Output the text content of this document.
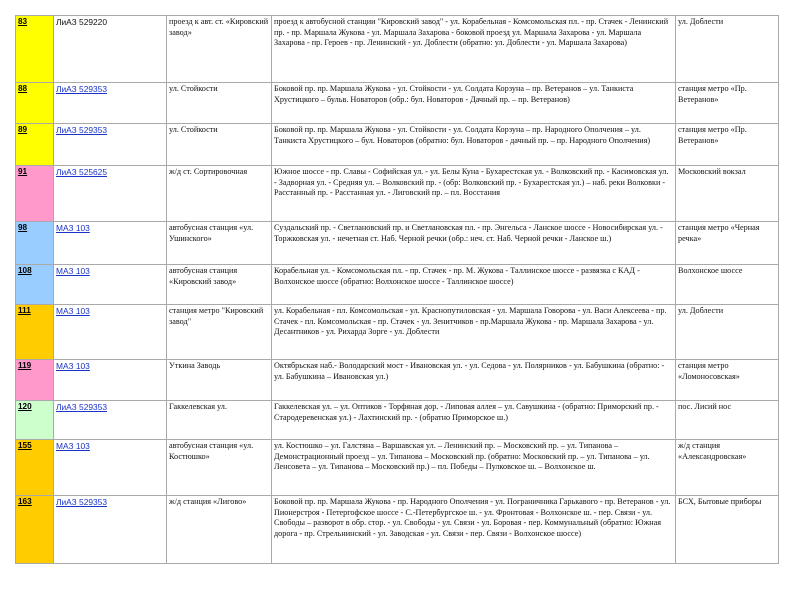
83	ЛиАЗ 529220	проезд к авт. ст. «Кировский завод»	проезд к автобусной станции "Кировский завод" - ул. Корабельная - Комсомольская пл. - пр. Стачек - Ленинский пр. - пр. Маршала Жукова - ул. Маршала Захарова - боковой проезд ул. Маршала Захарова - ул. Маршала Захарова - пр. Героев - пр. Ленинский - ул. Доблести (обратно: ул. Доблести - ул. Маршала Захарова)	ул. Доблести
88	ЛиАЗ 529353	ул. Стойкости	Боковой пр. пр. Маршала Жукова - ул. Стойкости - ул. Солдата Корзуна – пр. Ветеранов – ул. Танкиста Хрустицкого – бульв. Новаторов (обр.: бул. Новаторов - Дачный пр. – пр. Ветеранов)	станция метро «Пр. Ветеранов»
89	ЛиАЗ 529353	ул. Стойкости	Боковой пр. пр. Маршала Жукова - ул. Стойкости - ул. Солдата Корзуна – пр. Народного Ополчения – ул. Танкиста Хрустицкого – бул. Новаторов (обратно: бул. Новаторов - дачный пр. – пр. Народного Ополчения)	станция метро «Пр. Ветеранов»
91	ЛиАЗ 525625	ж/д ст. Сортировочная	Южное шоссе - пр. Славы - Софийская ул. - ул. Белы Куна - Бухарестская ул. - Волковский пр. - Касимовская ул. - Задворная ул. - Средняя ул. – Волковский пр. - (обр: Волковский пр. - Бухарестская ул.) – наб. реки Волковки - Расстанный пр. - Расстанная ул. - Лиговский пр. – пл. Восстания	Московский вокзал
98	МАЗ 103	автобусная станция «ул. Ушинского»	Суздальский пр. - Светлановский пр. и Светлановская пл. - пр. Энгельса - Ланское шоссе - Новосибирская ул. - Торжковская ул. - нечетная ст. Наб. Черной речки (обр.: неч. ст. Наб. Черной речки - Ланское ш.)	станция метро «Черная речка»
108	МАЗ 103	автобусная станция «Кировский завод»	Корабельная ул. - Комсомольская пл. - пр. Стачек - пр. М. Жукова - Таллинское шоссе - развязка с КАД - Волхонское шоссе (обратно: Волхонское шоссе - Таллинское шоссе)	Волхонское шоссе
111	МАЗ 103	станция метро "Кировский завод"	ул. Корабельная - пл. Комсомольская - ул. Краснопутиловская - ул. Маршала Говорова - ул. Васи Алексеева - пр. Стачек - пл. Комсомольская - пр. Стачек - ул. Зенитчиков - пр.Маршала Жукова - пр. Маршала Захарова - ул. Десантников - ул. Рихарда Зорге - ул. Доблести	ул. Доблести
119	МАЗ 103	Уткина Заводь	Октябрьская наб.- Володарский мост - Ивановская ул. - ул. Седова - ул. Полярников - ул. Бабушкина (обратно: - ул. Бабушкина – Ивановская ул.)	станция метро «Ломоносовская»
120	ЛиАЗ 529353	Гаккелевская ул.	Гаккелевская ул. – ул. Оптиков - Торфяная дор. - Липовая аллея – ул. Савушкина - (обратно: Приморский пр. - Стародеревенская ул.) - Лахтинский пр. - (обратно Приморское ш.)	пос. Лисий нос
155	МАЗ 103	автобусная станция «ул. Костюшко»	ул. Костюшко – ул. Галстяна – Варшавская ул. – Ленинский пр. – Московский пр. – ул. Типанова – Демонстрационный проезд – ул. Типанова – Московский пр. (обратно: Московский пр. – ул. Типанова – ул. Ленсовета – ул. Типанова – Московский пр.) – пл. Победы – Пулковское ш. – Волхонское ш.	ж/д станция «Александровская»
163	ЛиАЗ 529353	ж/д станция «Лигово»	Боковой пр. пр. Маршала Жукова - пр. Народного Ополчения - ул. Пограничника Гарькавого - пр. Ветеранов - ул. Пионерстроя - Петергофское шоссе - С.-Петербургское ш. - ул. Фронтовая - Волхонское ш. - пер. Связи - ул. Свободы – разворот в обр. стор. - ул. Свободы - ул. Связи - ул. Боровая - пер. Коммунальный (обратно: Южная дорога - пр. Стрельнинский - ул. Заводская - ул. Связи - пер. Связи - Волхонское шоссе)	БСХ, Бытовые приборы
